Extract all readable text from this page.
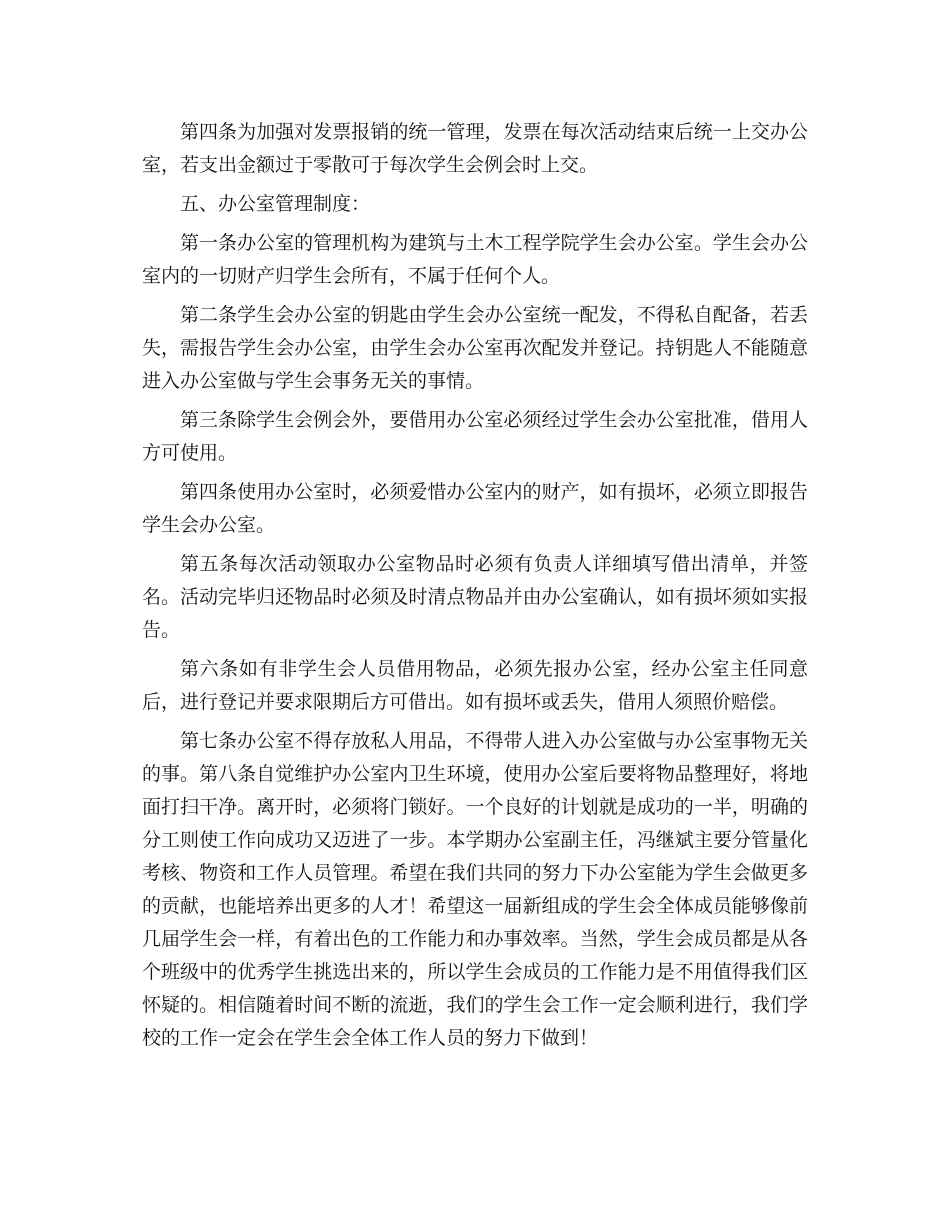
第四条为加强对发票报销的统一管理，发票在每次活动结束后统一上交办公室，若支出金额过于零散可于每次学生会例会时上交。

五、办公室管理制度：

第一条办公室的管理机构为建筑与土木工程学院学生会办公室。学生会办公室内的一切财产归学生会所有，不属于任何个人。

第二条学生会办公室的钥匙由学生会办公室统一配发，不得私自配备，若丢失，需报告学生会办公室，由学生会办公室再次配发并登记。持钥匙人不能随意进入办公室做与学生会事务无关的事情。

第三条除学生会例会外，要借用办公室必须经过学生会办公室批准，借用人方可使用。

第四条使用办公室时，必须爱惜办公室内的财产，如有损坏，必须立即报告学生会办公室。

第五条每次活动领取办公室物品时必须有负责人详细填写借出清单，并签名。活动完毕归还物品时必须及时清点物品并由办公室确认，如有损坏须如实报告。

第六条如有非学生会人员借用物品，必须先报办公室，经办公室主任同意后，进行登记并要求限期后方可借出。如有损坏或丢失，借用人须照价赔偿。

第七条办公室不得存放私人用品，不得带人进入办公室做与办公室事物无关的事。第八条自觉维护办公室内卫生环境，使用办公室后要将物品整理好，将地面打扫干净。离开时，必须将门锁好。一个良好的计划就是成功的一半，明确的分工则使工作向成功又迈进了一步。本学期办公室副主任，冯继斌主要分管量化考核、物资和工作人员管理。希望在我们共同的努力下办公室能为学生会做更多的贡献，也能培养出更多的人才！希望这一届新组成的学生会全体成员能够像前几届学生会一样，有着出色的工作能力和办事效率。当然，学生会成员都是从各个班级中的优秀学生挑选出来的，所以学生会成员的工作能力是不用值得我们区怀疑的。相信随着时间不断的流逝，我们的学生会工作一定会顺利进行，我们学校的工作一定会在学生会全体工作人员的努力下做到！
